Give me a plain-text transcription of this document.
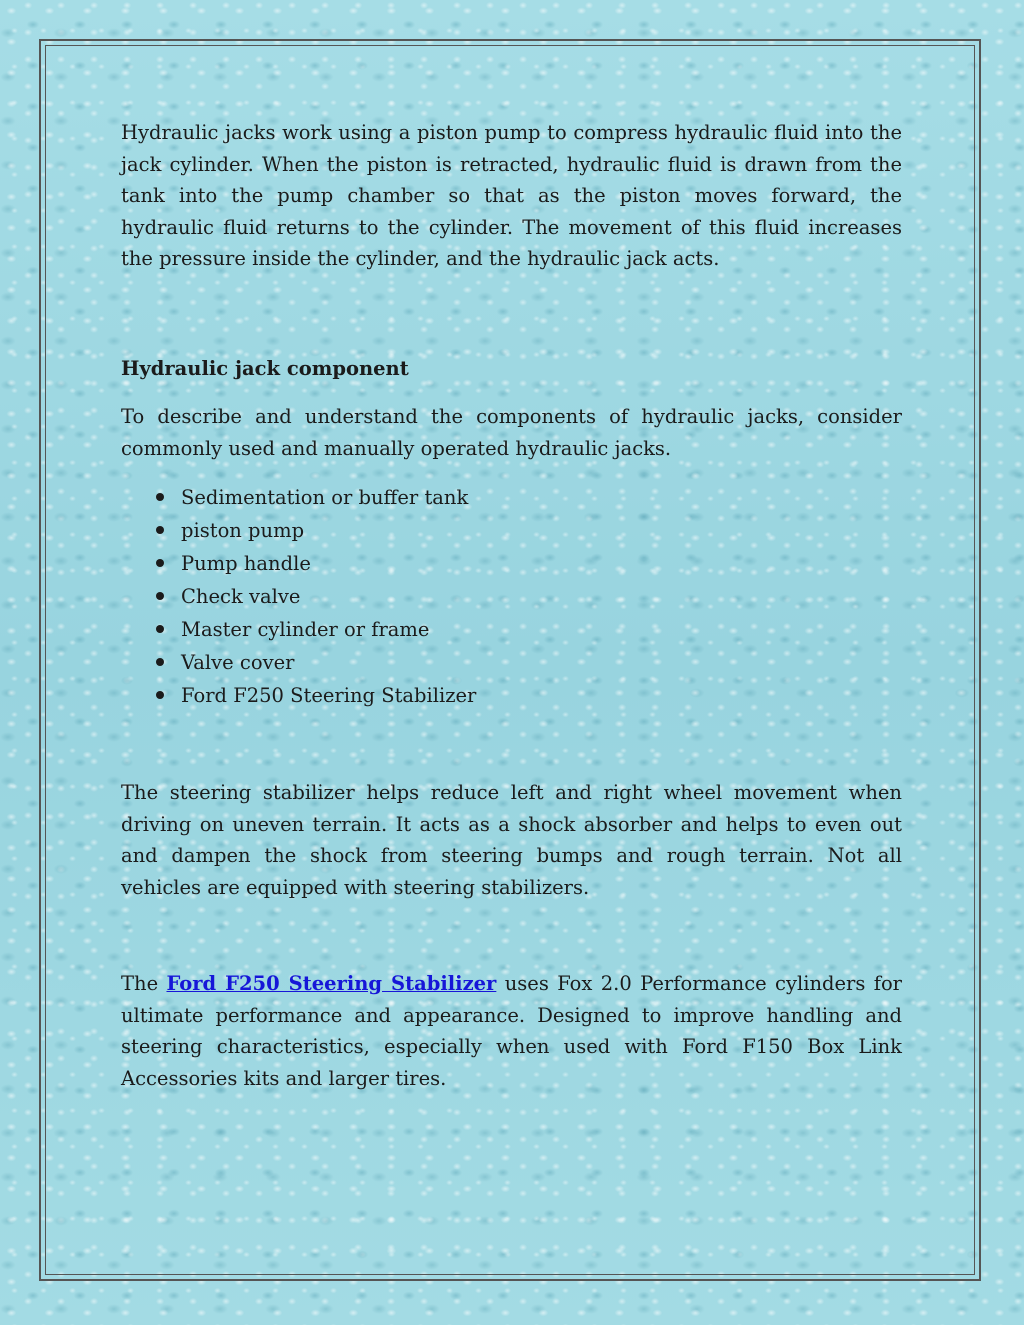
Hydraulic jacks work using a piston pump to compress hydraulic fluid into the jack cylinder. When the piston is retracted, hydraulic fluid is drawn from the tank into the pump chamber so that as the piston moves forward, the hydraulic fluid returns to the cylinder. The movement of this fluid increases the pressure inside the cylinder, and the hydraulic jack acts.

Hydraulic jack component

To describe and understand the components of hydraulic jacks, consider commonly used and manually operated hydraulic jacks.

Sedimentation or buffer tank
piston pump
Pump handle
Check valve
Master cylinder or frame
Valve cover
Ford F250 Steering Stabilizer

The steering stabilizer helps reduce left and right wheel movement when driving on uneven terrain. It acts as a shock absorber and helps to even out and dampen the shock from steering bumps and rough terrain. Not all vehicles are equipped with steering stabilizers.

The Ford F250 Steering Stabilizer uses Fox 2.0 Performance cylinders for ultimate performance and appearance. Designed to improve handling and steering characteristics, especially when used with Ford F150 Box Link Accessories kits and larger tires.
